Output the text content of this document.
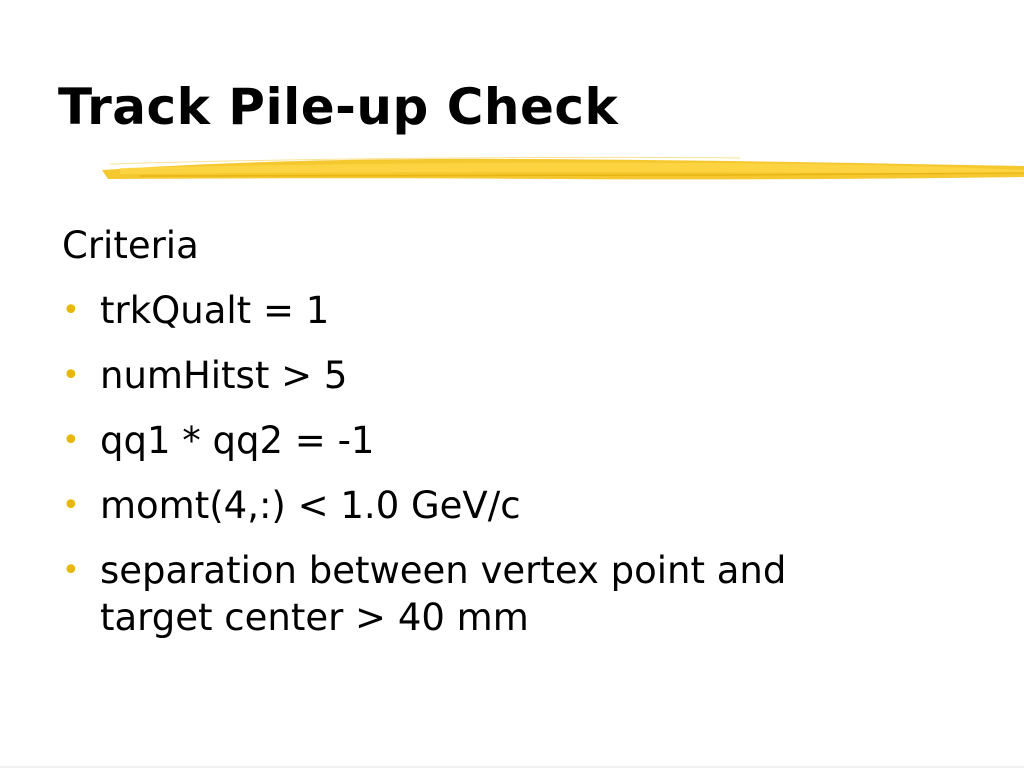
Track Pile-up Check

Criteria

• trkQualt = 1
• numHitst > 5
• qq1 * qq2 = -1
• momt(4,:) < 1.0 GeV/c
• separation between vertex point and target center > 40 mm
